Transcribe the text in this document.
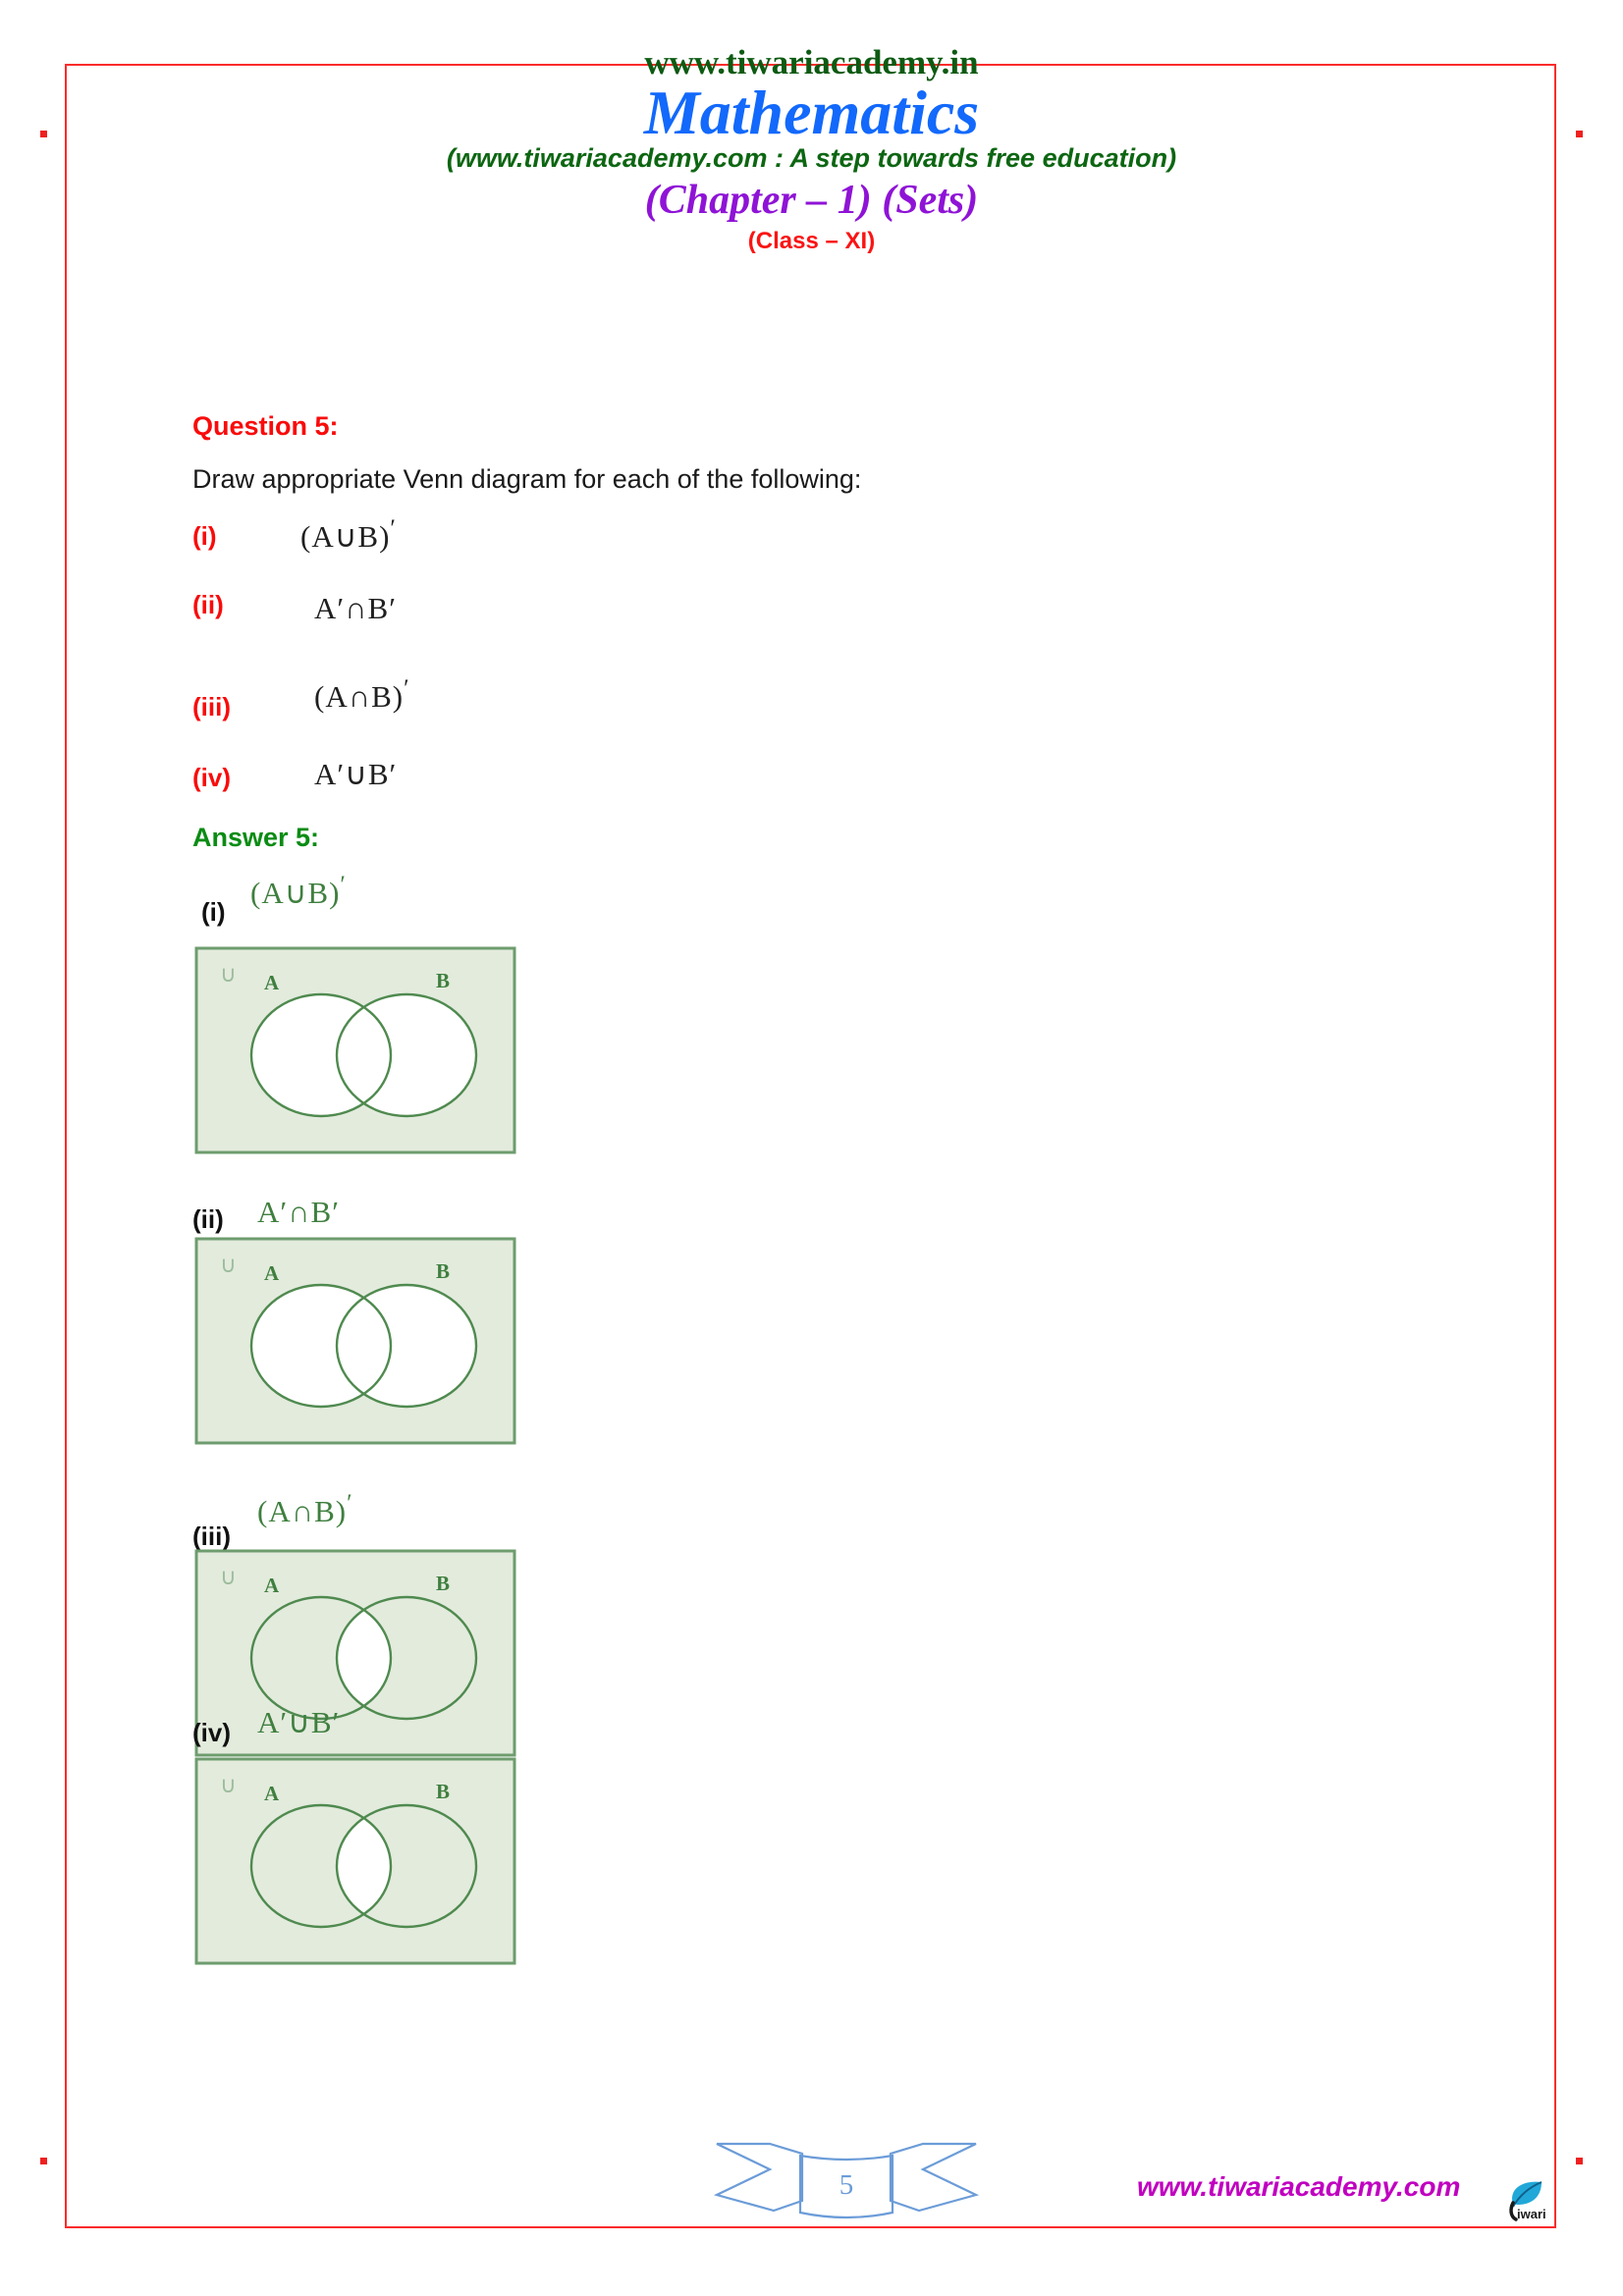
www.tiwariacademy.in
Mathematics
(www.tiwariacademy.com : A step towards free education)
(Chapter – 1) (Sets)
(Class – XI)
Question 5:
Draw appropriate Venn diagram for each of the following:
(i)	(A∪B)′
(ii)	A′∩B′
(iii)	(A∩B)′
(iv)	A′∪B′
Answer 5:
(i)
(A∪B)′
∪ A	B
(ii) A′∩B′
∪ A	B
(iii)
(A∩B)′
∪ A	B
(iv) A′∪B′
∪ A	B
5	www.tiwariacademy.com
iwari
